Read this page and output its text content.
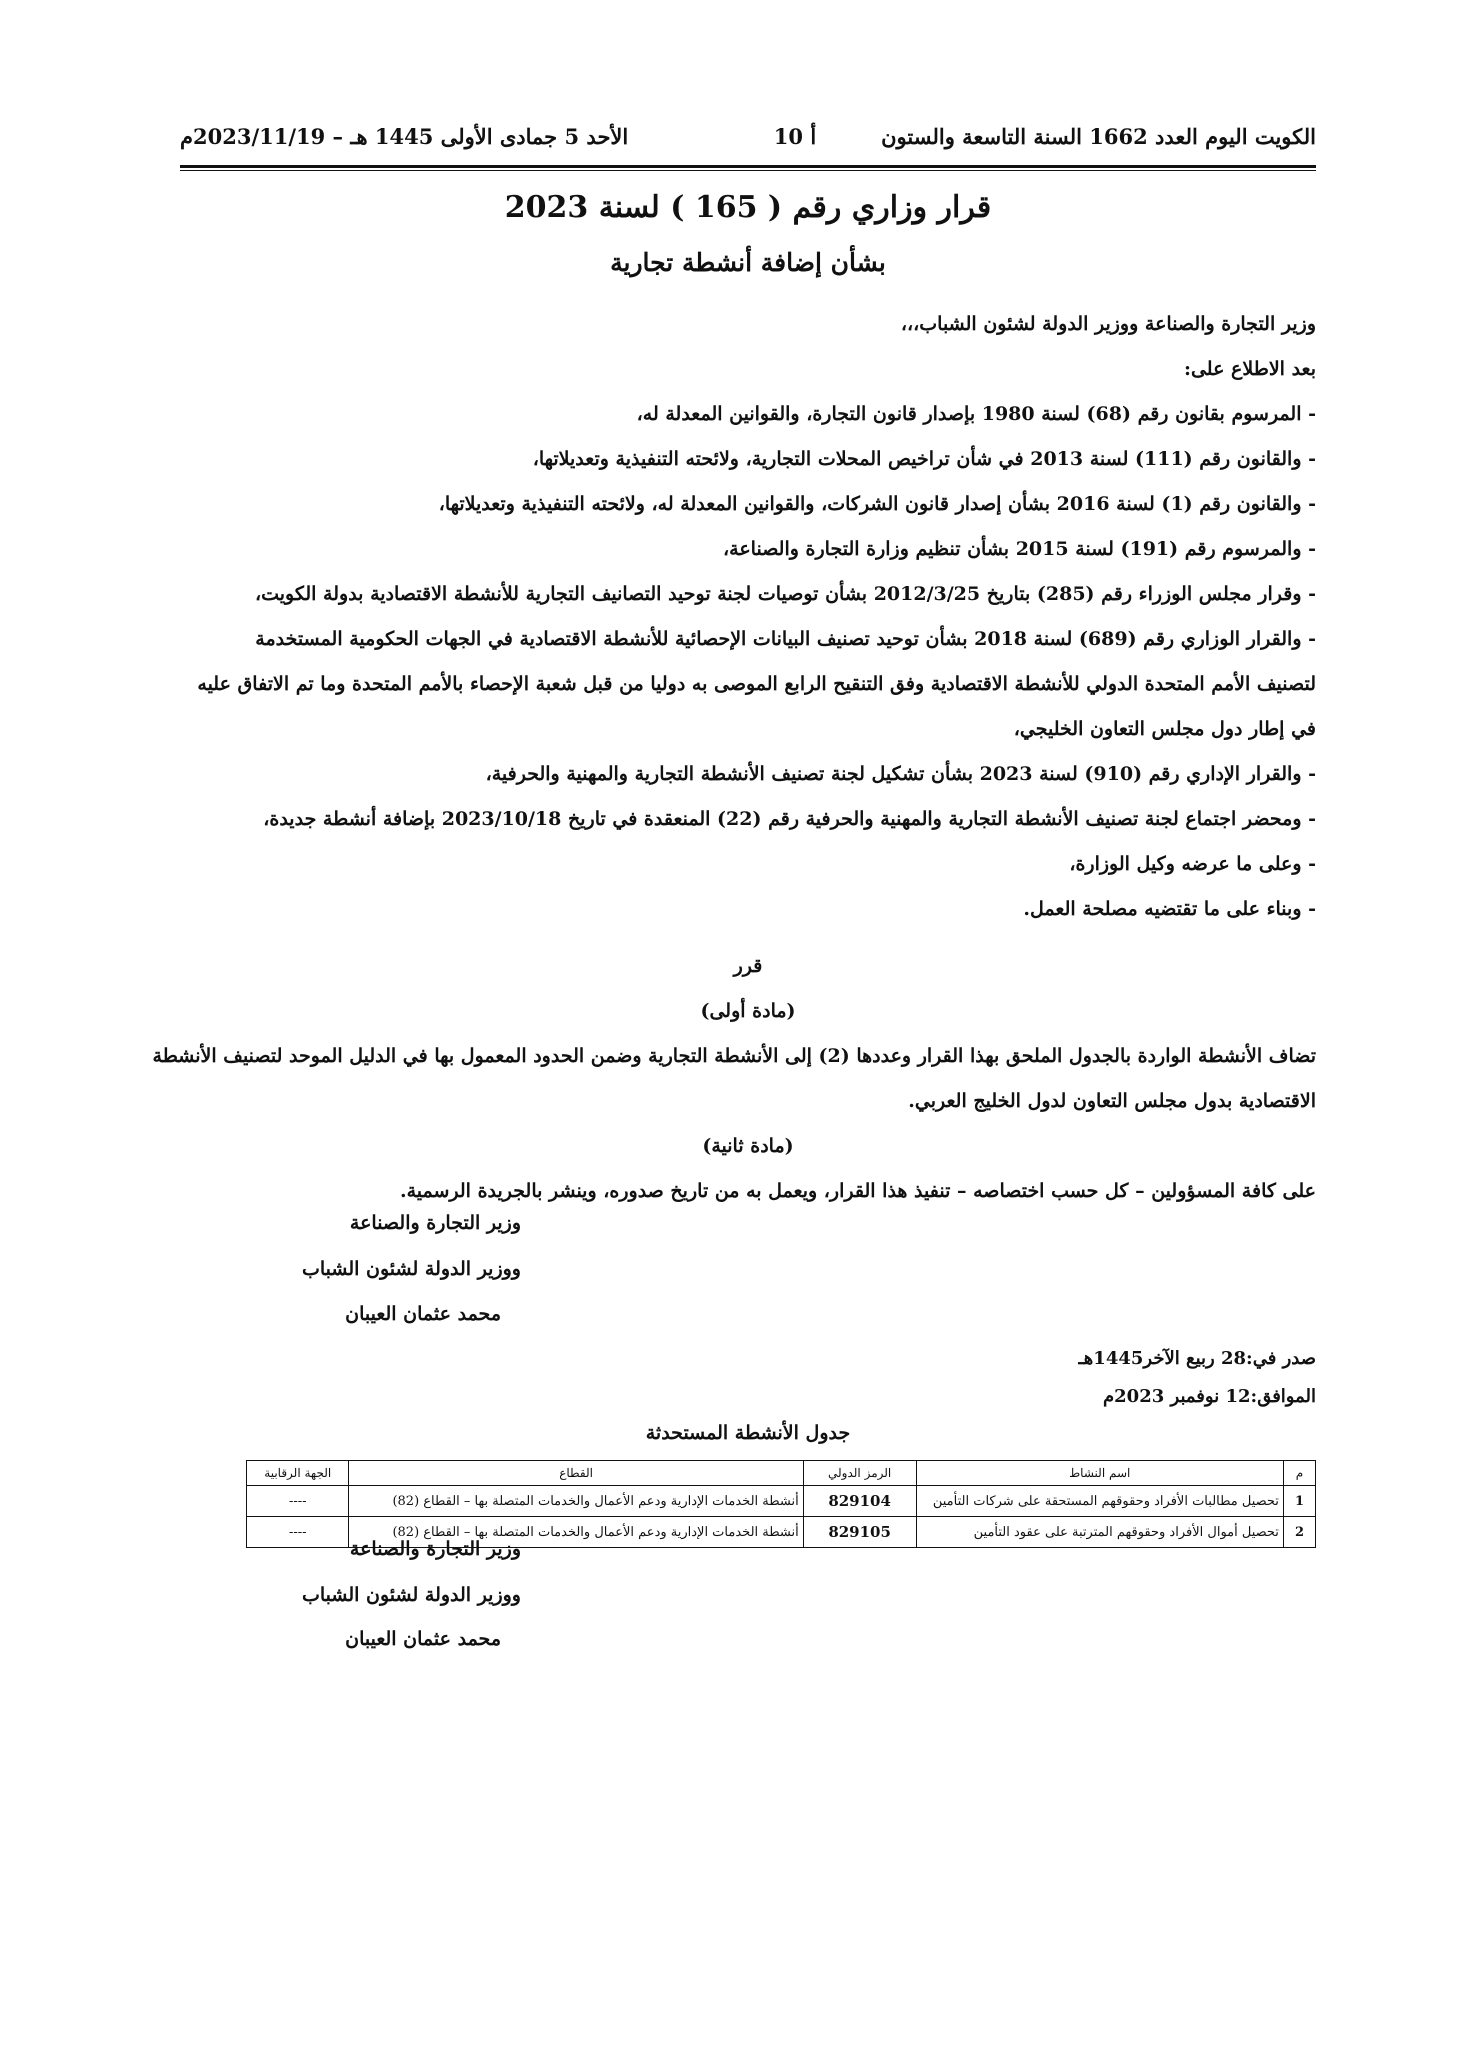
الكويت اليوم العدد 1662 السنة التاسعة والستون
أ 10
الأحد 5 جمادى الأولى 1445 هـ – 2023/11/19م
قرار وزاري رقم ( 165 ) لسنة 2023
بشأن إضافة أنشطة تجارية
وزير التجارة والصناعة ووزير الدولة لشئون الشباب،،،
بعد الاطلاع على:
- المرسوم بقانون رقم (68) لسنة 1980 بإصدار قانون التجارة، والقوانين المعدلة له،
- والقانون رقم (111) لسنة 2013 في شأن تراخيص المحلات التجارية، ولائحته التنفيذية وتعديلاتها،
- والقانون رقم (1) لسنة 2016 بشأن إصدار قانون الشركات، والقوانين المعدلة له، ولائحته التنفيذية وتعديلاتها،
- والمرسوم رقم (191) لسنة 2015 بشأن تنظيم وزارة التجارة والصناعة،
- وقرار مجلس الوزراء رقم (285) بتاريخ 2012/3/25 بشأن توصيات لجنة توحيد التصانيف التجارية للأنشطة الاقتصادية بدولة الكويت،
- والقرار الوزاري رقم (689) لسنة 2018 بشأن توحيد تصنيف البيانات الإحصائية للأنشطة الاقتصادية في الجهات الحكومية المستخدمة
لتصنيف الأمم المتحدة الدولي للأنشطة الاقتصادية وفق التنقيح الرابع الموصى به دوليا من قبل شعبة الإحصاء بالأمم المتحدة وما تم الاتفاق عليه
في إطار دول مجلس التعاون الخليجي،
- والقرار الإداري رقم (910) لسنة 2023 بشأن تشكيل لجنة تصنيف الأنشطة التجارية والمهنية والحرفية،
- ومحضر اجتماع لجنة تصنيف الأنشطة التجارية والمهنية والحرفية رقم (22) المنعقدة في تاريخ 2023/10/18 بإضافة أنشطة جديدة،
- وعلى ما عرضه وكيل الوزارة،
- وبناء على ما تقتضيه مصلحة العمل.
قرر
(مادة أولى)
تضاف الأنشطة الواردة بالجدول الملحق بهذا القرار وعددها (2) إلى الأنشطة التجارية وضمن الحدود المعمول بها في الدليل الموحد لتصنيف الأنشطة
الاقتصادية بدول مجلس التعاون لدول الخليج العربي.
(مادة ثانية)
على كافة المسؤولين – كل حسب اختصاصه – تنفيذ هذا القرار، ويعمل به من تاريخ صدوره، وينشر بالجريدة الرسمية.
وزير التجارة والصناعة
ووزير الدولة لشئون الشباب
محمد عثمان العيبان
صدر في:28 ربيع الآخر1445هـ
الموافق:12 نوفمبر 2023م
جدول الأنشطة المستحدثة
م	اسم النشاط	الرمز الدولي	القطاع	الجهة الرقابية
1	تحصيل مطالبات الأفراد وحقوقهم المستحقة على شركات التأمين	829104	أنشطة الخدمات الإدارية ودعم الأعمال والخدمات المتصلة بها – القطاع (82)	----
2	تحصيل أموال الأفراد وحقوقهم المترتبة على عقود التأمين	829105	أنشطة الخدمات الإدارية ودعم الأعمال والخدمات المتصلة بها – القطاع (82)	----
وزير التجارة والصناعة
ووزير الدولة لشئون الشباب
محمد عثمان العيبان
